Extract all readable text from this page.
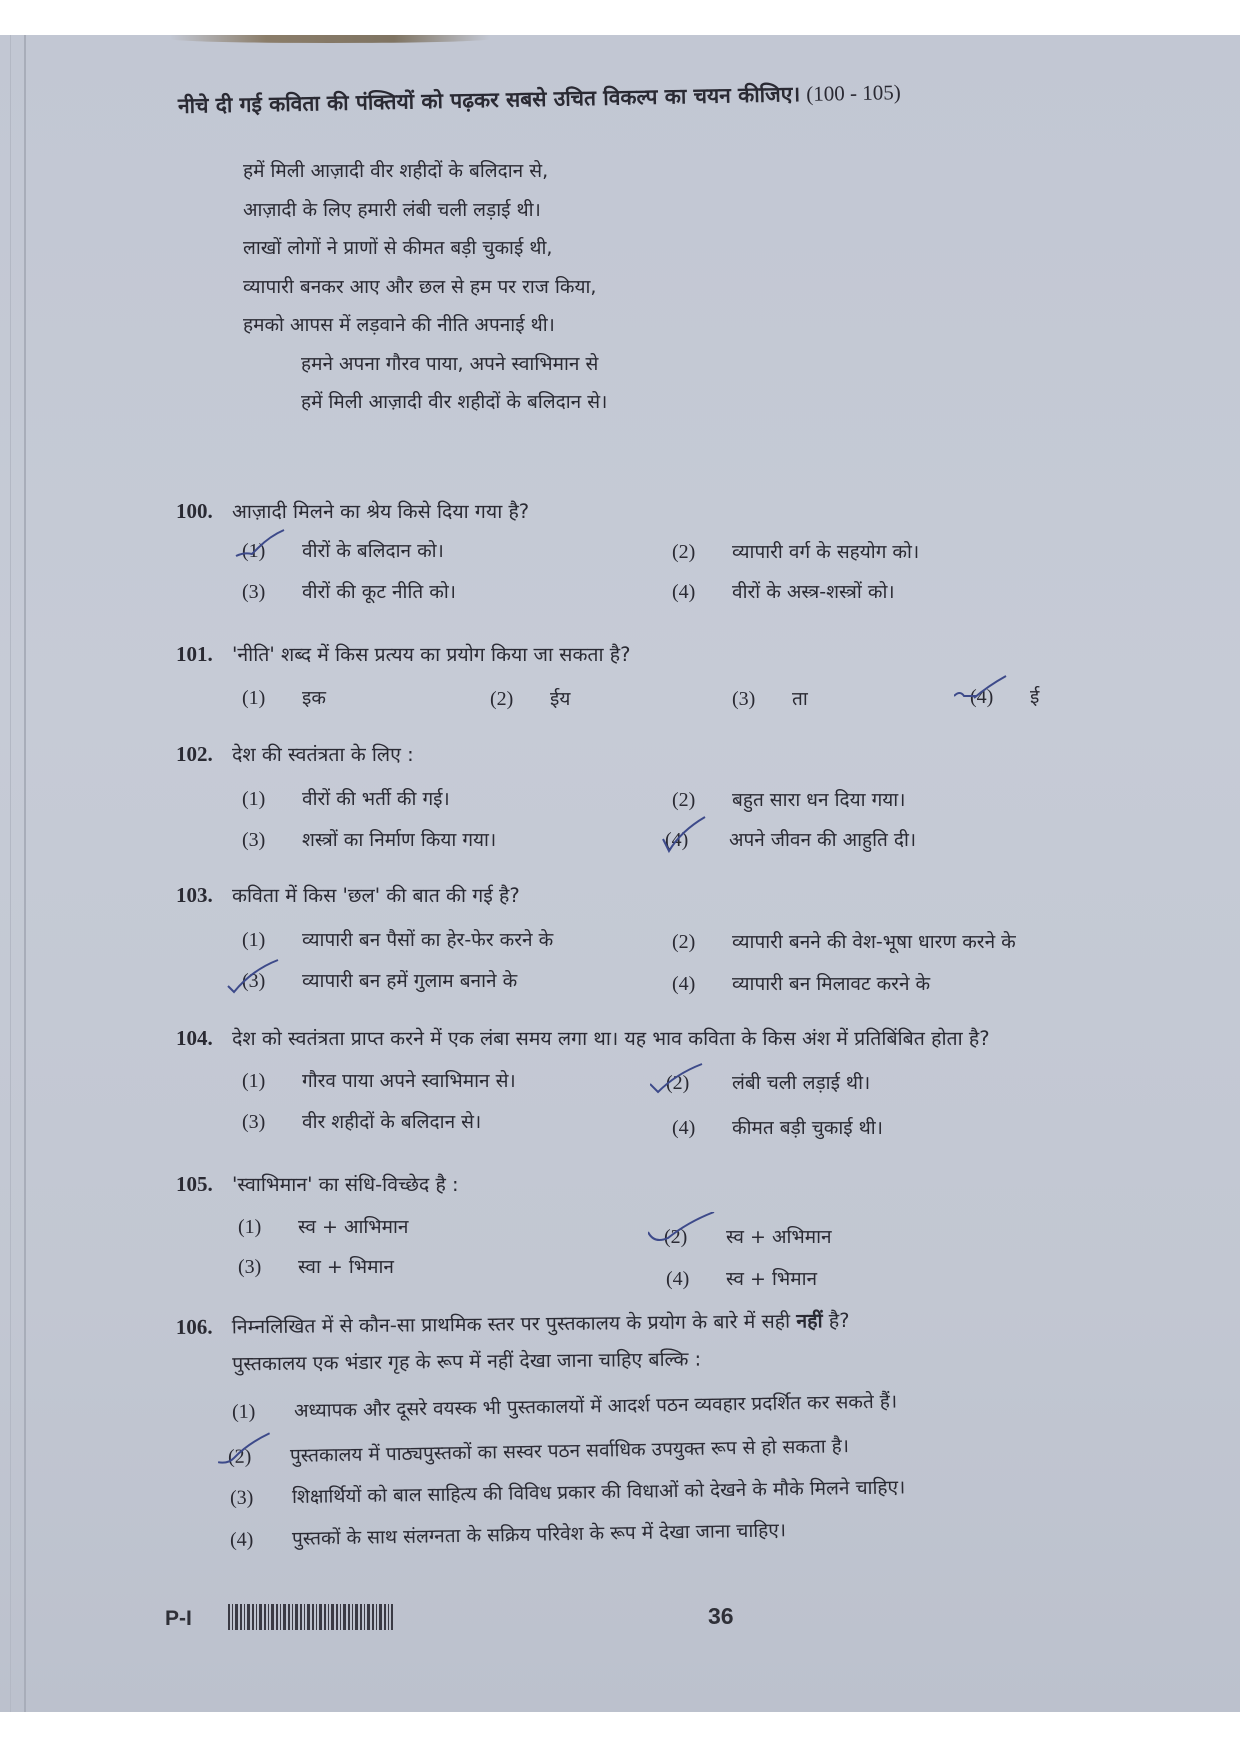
नीचे दी गई कविता की पंक्तियों को पढ़कर सबसे उचित विकल्प का चयन कीजिए। (100 - 105)
हमें मिली आज़ादी वीर शहीदों के बलिदान से,
आज़ादी के लिए हमारी लंबी चली लड़ाई थी।
लाखों लोगों ने प्राणों से कीमत बड़ी चुकाई थी,
व्यापारी बनकर आए और छल से हम पर राज किया,
हमको आपस में लड़वाने की नीति अपनाई थी।
हमने अपना गौरव पाया, अपने स्वाभिमान से
हमें मिली आज़ादी वीर शहीदों के बलिदान से।
100. आज़ादी मिलने का श्रेय किसे दिया गया है?
(1)	वीरों के बलिदान को।	(2)	व्यापारी वर्ग के सहयोग को।
(3)	वीरों की कूट नीति को।	(4)	वीरों के अस्त्र-शस्त्रों को।
101. 'नीति' शब्द में किस प्रत्यय का प्रयोग किया जा सकता है?
(1)	इक	(2)	ईय	(3)	ता	(4)	ई
102. देश की स्वतंत्रता के लिए :
(1)	वीरों की भर्ती की गई।	(2)	बहुत सारा धन दिया गया।
(3)	शस्त्रों का निर्माण किया गया।	(4)	अपने जीवन की आहुति दी।
103. कविता में किस 'छल' की बात की गई है?
(1)	व्यापारी बन पैसों का हेर-फेर करने के	(2)	व्यापारी बनने की वेश-भूषा धारण करने के
(3)	व्यापारी बन हमें गुलाम बनाने के	(4)	व्यापारी बन मिलावट करने के
104. देश को स्वतंत्रता प्राप्त करने में एक लंबा समय लगा था। यह भाव कविता के किस अंश में प्रतिबिंबित होता है?
(1)	गौरव पाया अपने स्वाभिमान से।	(2)	लंबी चली लड़ाई थी।
(3)	वीर शहीदों के बलिदान से।	(4)	कीमत बड़ी चुकाई थी।
105. 'स्वाभिमान' का संधि-विच्छेद है :
(1)	स्व + आभिमान	(2)	स्व + अभिमान
(3)	स्वा + भिमान
(4)	स्व + भिमान
106. निम्नलिखित में से कौन-सा प्राथमिक स्तर पर पुस्तकालय के प्रयोग के बारे में सही नहीं है?
पुस्तकालय एक भंडार गृह के रूप में नहीं देखा जाना चाहिए बल्कि :
(1)	अध्यापक और दूसरे वयस्क भी पुस्तकालयों में आदर्श पठन व्यवहार प्रदर्शित कर सकते हैं।
(2)	पुस्तकालय में पाठ्यपुस्तकों का सस्वर पठन सर्वाधिक उपयुक्त रूप से हो सकता है।
(3)	शिक्षार्थियों को बाल साहित्य की विविध प्रकार की विधाओं को देखने के मौके मिलने चाहिए।
(4)	पुस्तकों के साथ संलग्नता के सक्रिय परिवेश के रूप में देखा जाना चाहिए।
P-I	36
